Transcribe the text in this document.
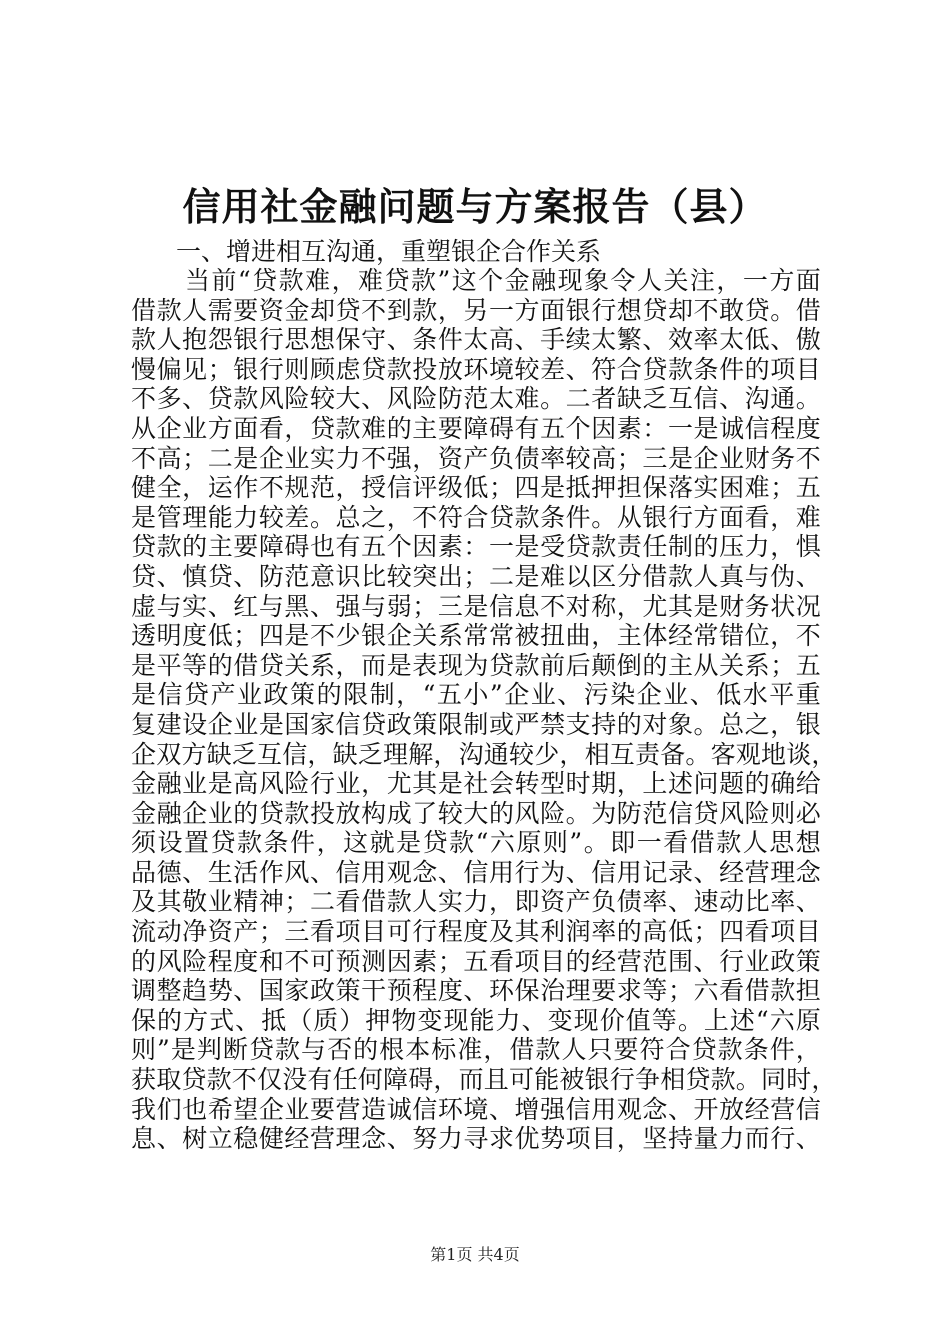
信用社金融问题与方案报告（县）

一、增进相互沟通，重塑银企合作关系

当前“贷款难，难贷款”这个金融现象令人关注，一方面
借款人需要资金却贷不到款，另一方面银行想贷却不敢贷。借
款人抱怨银行思想保守、条件太高、手续太繁、效率太低、傲
慢偏见；银行则顾虑贷款投放环境较差、符合贷款条件的项目
不多、贷款风险较大、风险防范太难。二者缺乏互信、沟通。
从企业方面看，贷款难的主要障碍有五个因素：一是诚信程度
不高；二是企业实力不强，资产负债率较高；三是企业财务不
健全，运作不规范，授信评级低；四是抵押担保落实困难；五
是管理能力较差。总之，不符合贷款条件。从银行方面看，难
贷款的主要障碍也有五个因素：一是受贷款责任制的压力，惧
贷、慎贷、防范意识比较突出；二是难以区分借款人真与伪、
虚与实、红与黑、强与弱；三是信息不对称，尤其是财务状况
透明度低；四是不少银企关系常常被扭曲，主体经常错位，不
是平等的借贷关系，而是表现为贷款前后颠倒的主从关系；五
是信贷产业政策的限制，“五小”企业、污染企业、低水平重
复建设企业是国家信贷政策限制或严禁支持的对象。总之，银
企双方缺乏互信，缺乏理解，沟通较少，相互责备。客观地谈，
金融业是高风险行业，尤其是社会转型时期，上述问题的确给
金融企业的贷款投放构成了较大的风险。为防范信贷风险则必
须设置贷款条件，这就是贷款“六原则”。即一看借款人思想
品德、生活作风、信用观念、信用行为、信用记录、经营理念
及其敬业精神；二看借款人实力，即资产负债率、速动比率、
流动净资产；三看项目可行程度及其利润率的高低；四看项目
的风险程度和不可预测因素；五看项目的经营范围、行业政策
调整趋势、国家政策干预程度、环保治理要求等；六看借款担
保的方式、抵（质）押物变现能力、变现价值等。上述“六原
则”是判断贷款与否的根本标准，借款人只要符合贷款条件，
获取贷款不仅没有任何障碍，而且可能被银行争相贷款。同时，
我们也希望企业要营造诚信环境、增强信用观念、开放经营信
息、树立稳健经营理念、努力寻求优势项目，坚持量力而行、
第1页 共4页
